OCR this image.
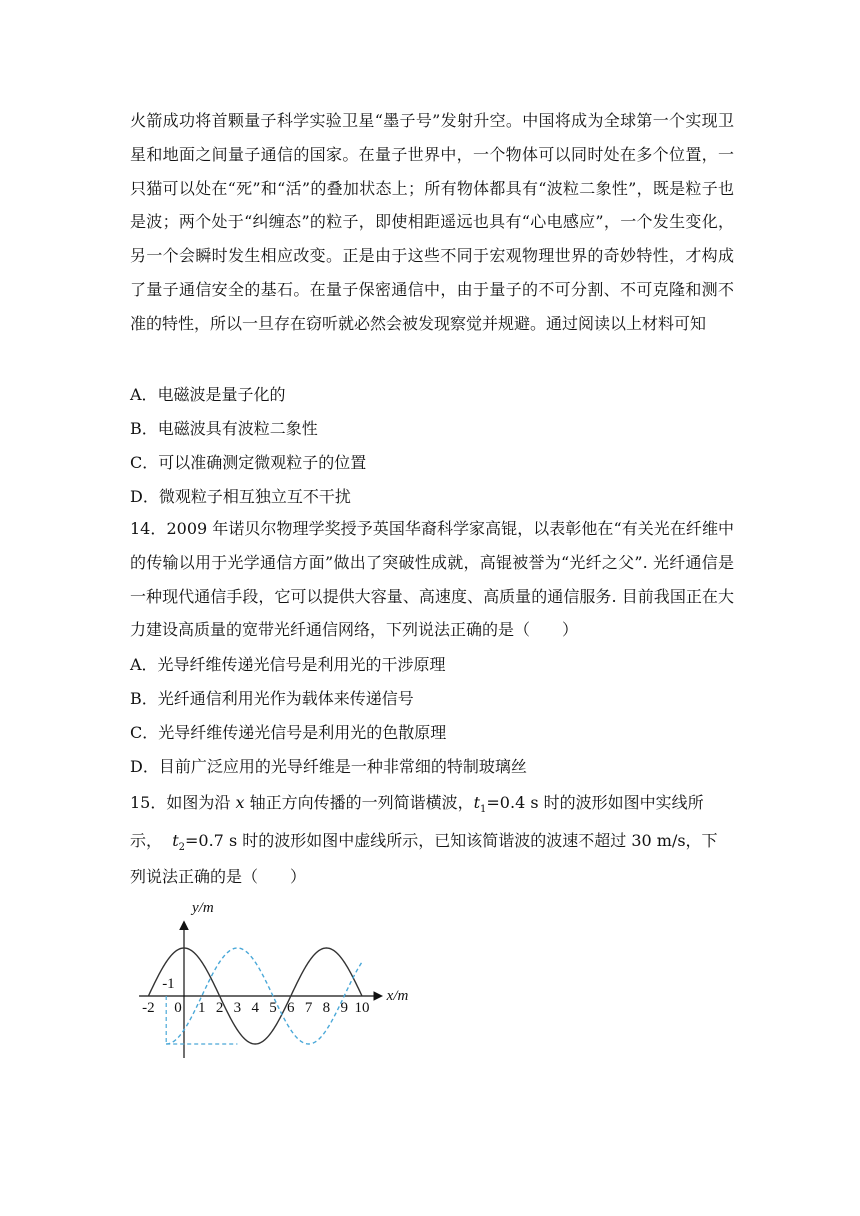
火箭成功将首颗量子科学实验卫星“墨子号”发射升空。中国将成为全球第一个实现卫星和地面之间量子通信的国家。在量子世界中，一个物体可以同时处在多个位置，一只猫可以处在“死”和“活”的叠加状态上；所有物体都具有“波粒二象性”，既是粒子也是波；两个处于“纠缠态”的粒子，即使相距遥远也具有“心电感应”，一个发生变化，另一个会瞬时发生相应改变。正是由于这些不同于宏观物理世界的奇妙特性，才构成了量子通信安全的基石。在量子保密通信中，由于量子的不可分割、不可克隆和测不准的特性，所以一旦存在窃听就必然会被发现察觉并规避。通过阅读以上材料可知

A．电磁波是量子化的

B．电磁波具有波粒二象性

C．可以准确测定微观粒子的位置

D．微观粒子相互独立互不干扰

14．2009 年诺贝尔物理学奖授予英国华裔科学家高锟，以表彰他在“有关光在纤维中的传输以用于光学通信方面”做出了突破性成就，高锟被誉为“光纤之父”. 光纤通信是一种现代通信手段，它可以提供大容量、高速度、高质量的通信服务. 目前我国正在大力建设高质量的宽带光纤通信网络，下列说法正确的是（　　）

A．光导纤维传递光信号是利用光的干涉原理

B．光纤通信利用光作为载体来传递信号

C．光导纤维传递光信号是利用光的色散原理

D．目前广泛应用的光导纤维是一种非常细的特制玻璃丝

15．如图为沿 x 轴正方向传播的一列简谐横波，$t_1=0.4$ s 时的波形如图中实线所

示， $t_2=0.7$ s 时的波形如图中虚线所示，已知该简谐波的波速不超过 30 m/s，下

列说法正确的是（　　）

-2 0 1 2 3 4 5 6 7 8 9 10
-1
y/m
x/m
